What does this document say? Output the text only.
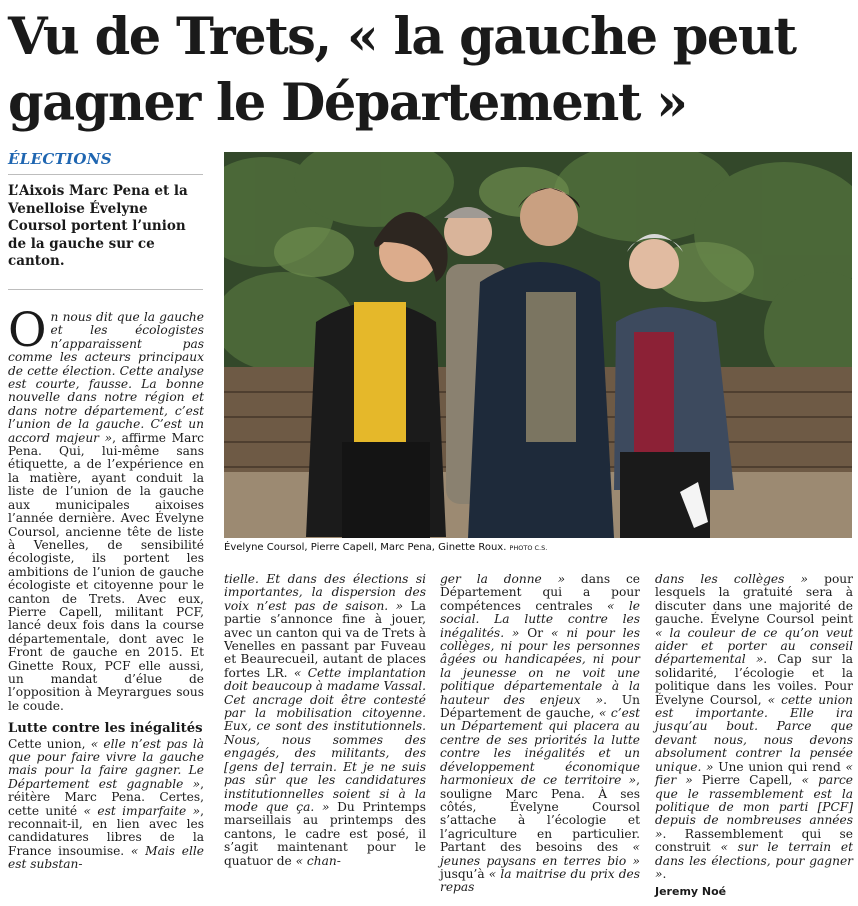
Vu de Trets, « la gauche peut gagner le Département »
ÉLECTIONS
L’Aixois Marc Pena et la Venelloise Évelyne Coursol portent l’union de la gauche sur ce canton.
Évelyne Coursol, Pierre Capell, Marc Pena, Ginette Roux. PHOTO C.S.
On nous dit que la gauche et les écologistes n’apparaissent pas comme les acteurs principaux de cette élection. Cette analyse est courte, fausse. La bonne nouvelle dans notre région et dans notre département, c’est l’union de la gauche. C’est un accord majeur », affirme Marc Pena. Qui, lui-même sans étiquette, a de l’expérience en la matière, ayant conduit la liste de l’union de la gauche aux municipales aixoises l’année dernière. Avec Évelyne Coursol, ancienne tête de liste à Venelles, de sensibilité écologiste, ils portent les ambitions de l’union de gauche écologiste et citoyenne pour le canton de Trets. Avec eux, Pierre Capell, militant PCF, lancé deux fois dans la course départementale, dont avec le Front de gauche en 2015. Et Ginette Roux, PCF elle aussi, un mandat d’élue de l’opposition à Meyrargues sous le coude.
Lutte contre les inégalités
Cette union, « elle n’est pas là que pour faire vivre la gauche mais pour la faire gagner. Le Département est gagnable », réitère Marc Pena. Certes, cette unité « est imparfaite », reconnait-il, en lien avec les candidatures libres de la France insoumise. « Mais elle est substan-
tielle. Et dans des élections si importantes, la dispersion des voix n’est pas de saison. » La partie s’annonce fine à jouer, avec un canton qui va de Trets à Venelles en passant par Fuveau et Beaurecueil, autant de places fortes LR. « Cette implantation doit beaucoup à madame Vassal. Cet ancrage doit être contesté par la mobilisation citoyenne. Eux, ce sont des institutionnels. Nous, nous sommes des engagés, des militants, des [gens de] terrain. Et je ne suis pas sûr que les candidatures institutionnelles soient si à la mode que ça. » Du Printemps marseillais au printemps des cantons, le cadre est posé, il s’agit maintenant pour le quatuor de « chan-
ger la donne » dans ce Département qui a pour compétences centrales « le social. La lutte contre les inégalités. » Or « ni pour les collèges, ni pour les personnes âgées ou handicapées, ni pour la jeunesse on ne voit une politique départementale à la hauteur des enjeux ». Un Département de gauche, « c’est un Département qui placera au centre de ses priorités la lutte contre les inégalités et un développement économique harmonieux de ce territoire », souligne Marc Pena. À ses côtés, Évelyne Coursol s’attache à l’écologie et l’agriculture en particulier. Partant des besoins des « jeunes paysans en terres bio » jusqu’à « la maitrise du prix des repas
dans les collèges » pour lesquels la gratuité sera à discuter dans une majorité de gauche. Évelyne Coursol peint « la couleur de ce qu’on veut aider et porter au conseil départemental ». Cap sur la solidarité, l’écologie et la politique dans les voiles. Pour Évelyne Coursol, « cette union est importante. Elle ira jusqu’au bout. Parce que devant nous, nous devons absolument contrer la pensée unique. » Une union qui rend « fier » Pierre Capell, « parce que le rassemblement est la politique de mon parti [PCF] depuis de nombreuses années ». Rassemblement qui se construit « sur le terrain et dans les élections, pour gagner ».
Jeremy Noé
